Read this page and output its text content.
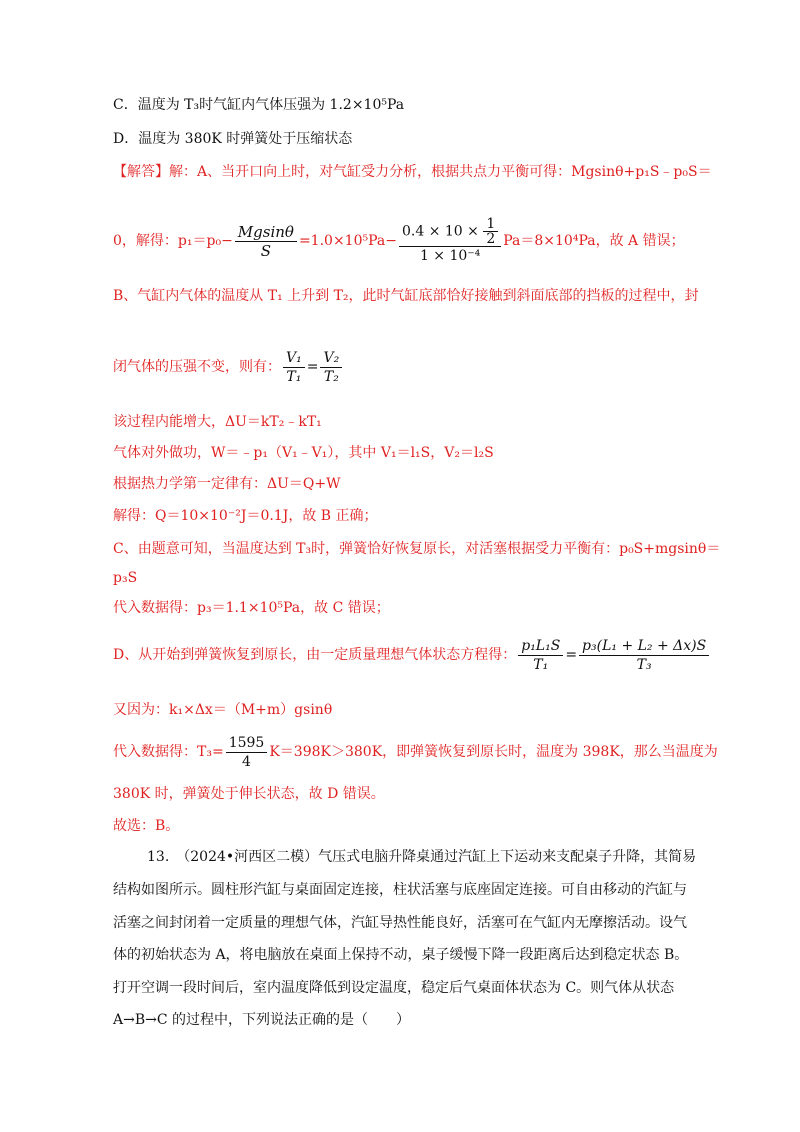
C．温度为 T₃时气缸内气体压强为 1.2×10⁵Pa
D．温度为 380K 时弹簧处于压缩状态
【解答】解：A、当开口向上时，对气缸受力分析，根据共点力平衡可得：Mgsinθ+p₁S﹣p₀S＝
0，解得：$p_1=p_0 - \frac{Mgsin\theta}{S} =1.0\times 10^5Pa - \frac{0.4 \times 10 \times \frac{1}{2}}{\text{1 × 10⁻⁴}} Pa=8\times 10^4Pa$，故 A 错误；
B、气缸内气体的温度从 T₁ 上升到 T₂，此时气缸底部恰好接触到斜面底部的挡板的过程中，封
闭气体的压强不变，则有： $\frac{\text{V₁}}{\text{T₁}} = \frac{\text{V₂}}{\text{T₂}}$
该过程内能增大，ΔU＝kT₂﹣kT₁
气体对外做功，W＝﹣p₁（V₁﹣V₁），其中 V₁＝l₁S，V₂＝l₂S
根据热力学第一定律有：ΔU＝Q+W
解得：Q＝10×10⁻²J＝0.1J，故 B 正确；
C、由题意可知，当温度达到 T₃时，弹簧恰好恢复原长，对活塞根据受力平衡有：p₀S+mgsinθ＝
p₃S
代入数据得：p₃＝1.1×10⁵Pa，故 C 错误；
D、从开始到弹簧恢复到原长，由一定质量理想气体状态方程得： $\frac{\text{p₁L₁S}}{\text{T₁}} = \frac{\text{p₃(L₁ + L₂ + Δx)S}}{\text{T₃}}$
又因为：k₁×Δx＝（M+m）gsinθ
代入数据得：$T_3= \frac{1595}{4} K=398K>380K$，即弹簧恢复到原长时，温度为 398K，那么当温度为
380K 时，弹簧处于伸长状态，故 D 错误。
故选：B。
13.　（2024•河西区二模）气压式电脑升降桌通过汽缸上下运动来支配桌子升降，其简易
结构如图所示。圆柱形汽缸与桌面固定连接，柱状活塞与底座固定连接。可自由移动的汽缸与
活塞之间封闭着一定质量的理想气体，汽缸导热性能良好，活塞可在气缸内无摩擦活动。设气
体的初始状态为 A，将电脑放在桌面上保持不动，桌子缓慢下降一段距离后达到稳定状态 B。
打开空调一段时间后，室内温度降低到设定温度，稳定后气桌面体状态为 C。则气体从状态
A→B→C 的过程中，下列说法正确的是（　　）
